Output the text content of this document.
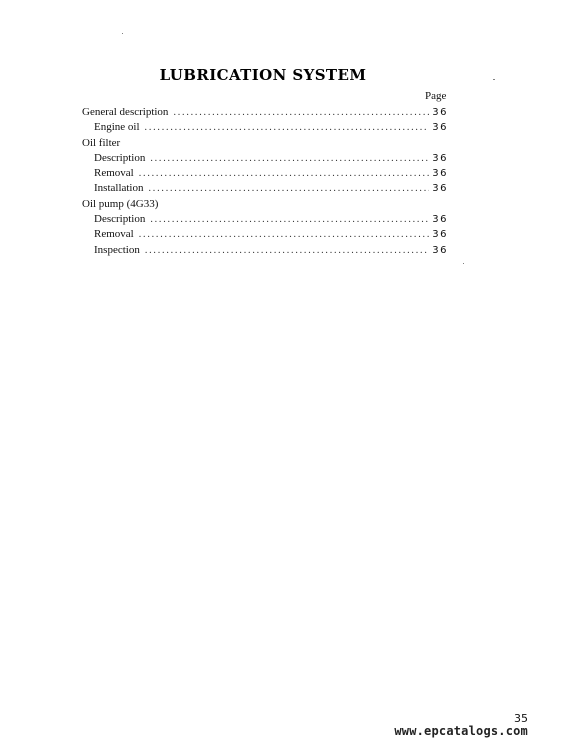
LUBRICATION SYSTEM
Page
General description .....	36
Engine oil .....	36
Oil filter
Description .....	36
Removal .....	36
Installation .....	36
Oil pump (4G33)
Description .....	36
Removal .....	36
Inspection .....	36
35
www.epcatalogs.com
